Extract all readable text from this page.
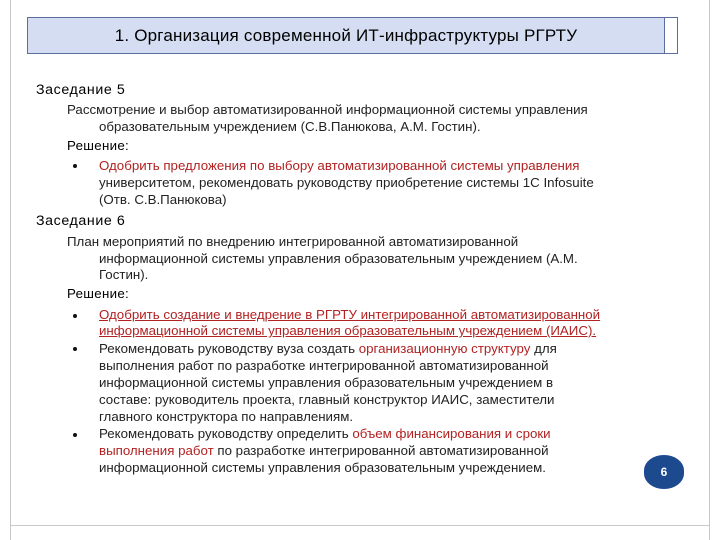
1. Организация современной ИТ-инфраструктуры РГРТУ
Заседание 5
Рассмотрение и выбор автоматизированной информационной системы управления
образовательным учреждением (С.В.Панюкова, А.М. Гостин).
Решение:
Одобрить предложения по выбору автоматизированной системы управления
университетом, рекомендовать руководству приобретение системы 1С Infosuite
(Отв. С.В.Панюкова)
Заседание 6
План мероприятий по внедрению интегрированной автоматизированной
информационной системы управления образовательным учреждением (А.М.
Гостин).
Решение:
Одобрить создание и внедрение в РГРТУ интегрированной автоматизированной
информационной системы управления образовательным учреждением (ИАИС).
Рекомендовать руководству вуза создать организационную структуру для
выполнения работ по разработке интегрированной автоматизированной
информационной системы управления образовательным учреждением в
составе: руководитель проекта, главный конструктор ИАИС, заместители
главного конструктора по направлениям.
Рекомендовать руководству определить объем финансирования и сроки
выполнения работ по разработке интегрированной автоматизированной
информационной системы управления образовательным учреждением.	6
